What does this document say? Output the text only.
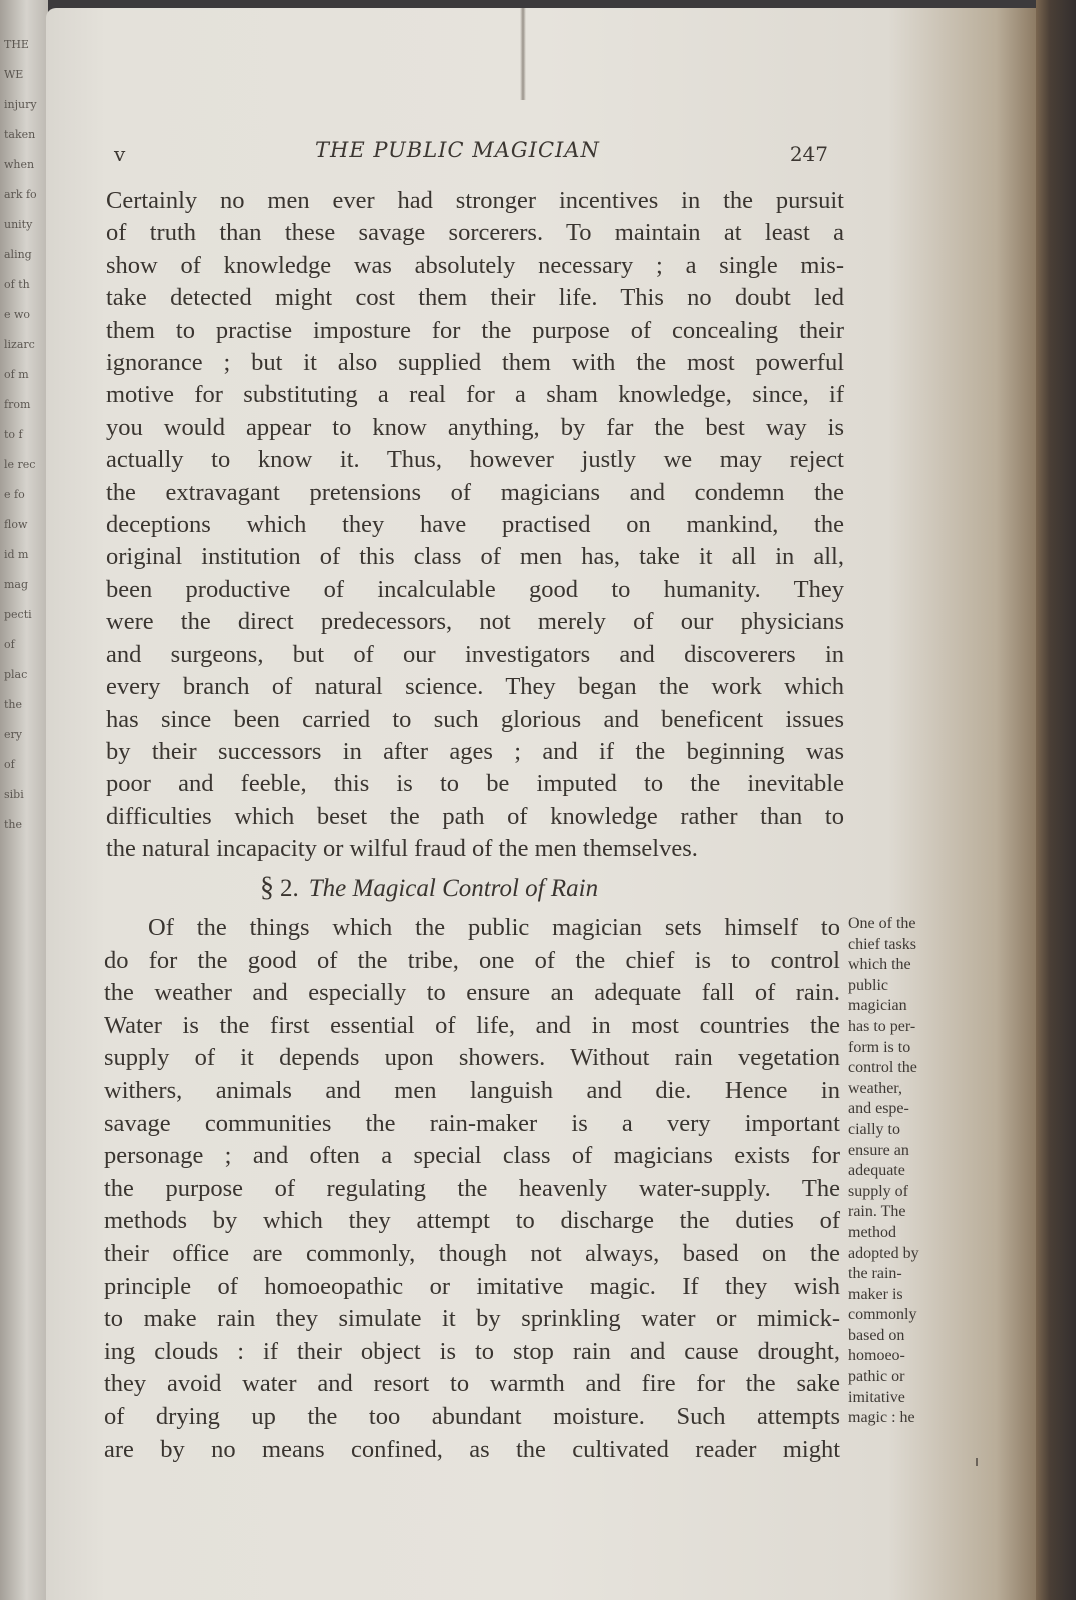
THE WE
injury
taken
when
ark fo
unity
aling
of th
e wo
lizarc
of m
from
to f
le rec
e fo
flow
id m
mag
pecti
of
plac
the
ery
of
sibi
the
v	THE PUBLIC MAGICIAN	247
Certainly no men ever had stronger incentives in the pursuit
of truth than these savage sorcerers. To maintain at least a
show of knowledge was absolutely necessary ; a single mis-
take detected might cost them their life. This no doubt led
them to practise imposture for the purpose of concealing their
ignorance ; but it also supplied them with the most powerful
motive for substituting a real for a sham knowledge, since, if
you would appear to know anything, by far the best way is
actually to know it. Thus, however justly we may reject
the extravagant pretensions of magicians and condemn the
deceptions which they have practised on mankind, the
original institution of this class of men has, take it all in all,
been productive of incalculable good to humanity. They
were the direct predecessors, not merely of our physicians
and surgeons, but of our investigators and discoverers in
every branch of natural science. They began the work which
has since been carried to such glorious and beneficent issues
by their successors in after ages ; and if the beginning was
poor and feeble, this is to be imputed to the inevitable
difficulties which beset the path of knowledge rather than to
the natural incapacity or wilful fraud of the men themselves.
§ 2. The Magical Control of Rain
Of the things which the public magician sets himself to
do for the good of the tribe, one of the chief is to control
the weather and especially to ensure an adequate fall of rain.
Water is the first essential of life, and in most countries the
supply of it depends upon showers. Without rain vegetation
withers, animals and men languish and die. Hence in
savage communities the rain-maker is a very important
personage ; and often a special class of magicians exists for
the purpose of regulating the heavenly water-supply. The
methods by which they attempt to discharge the duties of
their office are commonly, though not always, based on the
principle of homoeopathic or imitative magic. If they wish
to make rain they simulate it by sprinkling water or mimick-
ing clouds : if their object is to stop rain and cause drought,
they avoid water and resort to warmth and fire for the sake
of drying up the too abundant moisture. Such attempts
are by no means confined, as the cultivated reader might
One of the
chief tasks
which the
public
magician
has to per-
form is to
control the
weather,
and espe-
cially to
ensure an
adequate
supply of
rain. The
method
adopted by
the rain-
maker is
commonly
based on
homoeo-
pathic or
imitative
magic : he
